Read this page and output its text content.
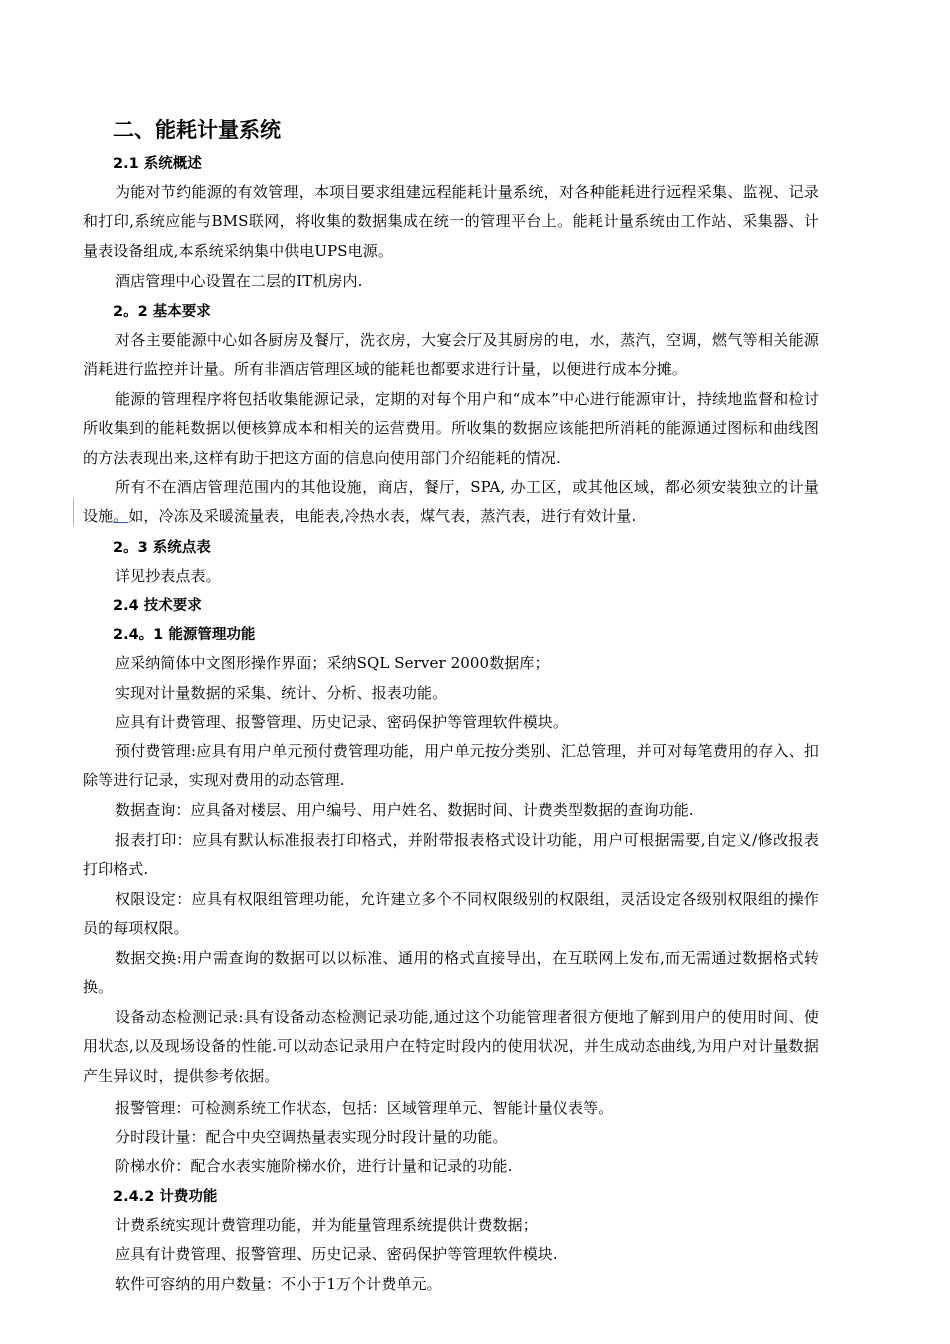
二、能耗计量系统
2.1 系统概述
为能对节约能源的有效管理，本项目要求组建远程能耗计量系统，对各种能耗进行远程采集、监视、记录和打印,系统应能与BMS联网，将收集的数据集成在统一的管理平台上。能耗计量系统由工作站、采集器、计量表设备组成,本系统采纳集中供电UPS电源。
酒店管理中心设置在二层的IT机房内.
2。2 基本要求
对各主要能源中心如各厨房及餐厅，洗衣房，大宴会厅及其厨房的电，水，蒸汽，空调，燃气等相关能源消耗进行监控并计量。所有非酒店管理区域的能耗也都要求进行计量，以便进行成本分摊。
能源的管理程序将包括收集能源记录，定期的对每个用户和“成本”中心进行能源审计，持续地监督和检讨所收集到的能耗数据以便核算成本和相关的运营费用。所收集的数据应该能把所消耗的能源通过图标和曲线图的方法表现出来,这样有助于把这方面的信息向使用部门介绍能耗的情况.
所有不在酒店管理范围内的其他设施，商店，餐厅，SPA, 办工区，或其他区域，都必须安装独立的计量设施。如，冷冻及采暖流量表，电能表,冷热水表，煤气表，蒸汽表，进行有效计量.
2。3 系统点表
详见抄表点表。
2.4 技术要求
2.4。1 能源管理功能
应采纳简体中文图形操作界面；采纳SQL Server 2000数据库；
实现对计量数据的采集、统计、分析、报表功能。
应具有计费管理、报警管理、历史记录、密码保护等管理软件模块。
预付费管理:应具有用户单元预付费管理功能，用户单元按分类别、汇总管理，并可对每笔费用的存入、扣除等进行记录，实现对费用的动态管理.
数据查询：应具备对楼层、用户编号、用户姓名、数据时间、计费类型数据的查询功能.
报表打印：应具有默认标准报表打印格式，并附带报表格式设计功能，用户可根据需要,自定义/修改报表打印格式.
权限设定：应具有权限组管理功能，允许建立多个不同权限级别的权限组，灵活设定各级别权限组的操作员的每项权限。
数据交换:用户需查询的数据可以以标准、通用的格式直接导出，在互联网上发布,而无需通过数据格式转换。
设备动态检测记录:具有设备动态检测记录功能,通过这个功能管理者很方便地了解到用户的使用时间、使用状态,以及现场设备的性能.可以动态记录用户在特定时段内的使用状况，并生成动态曲线,为用户对计量数据产生异议时，提供参考依据。
报警管理：可检测系统工作状态，包括：区域管理单元、智能计量仪表等。
分时段计量：配合中央空调热量表实现分时段计量的功能。
阶梯水价：配合水表实施阶梯水价，进行计量和记录的功能.
2.4.2 计费功能
计费系统实现计费管理功能，并为能量管理系统提供计费数据；
应具有计费管理、报警管理、历史记录、密码保护等管理软件模块.
软件可容纳的用户数量：不小于1万个计费单元。
